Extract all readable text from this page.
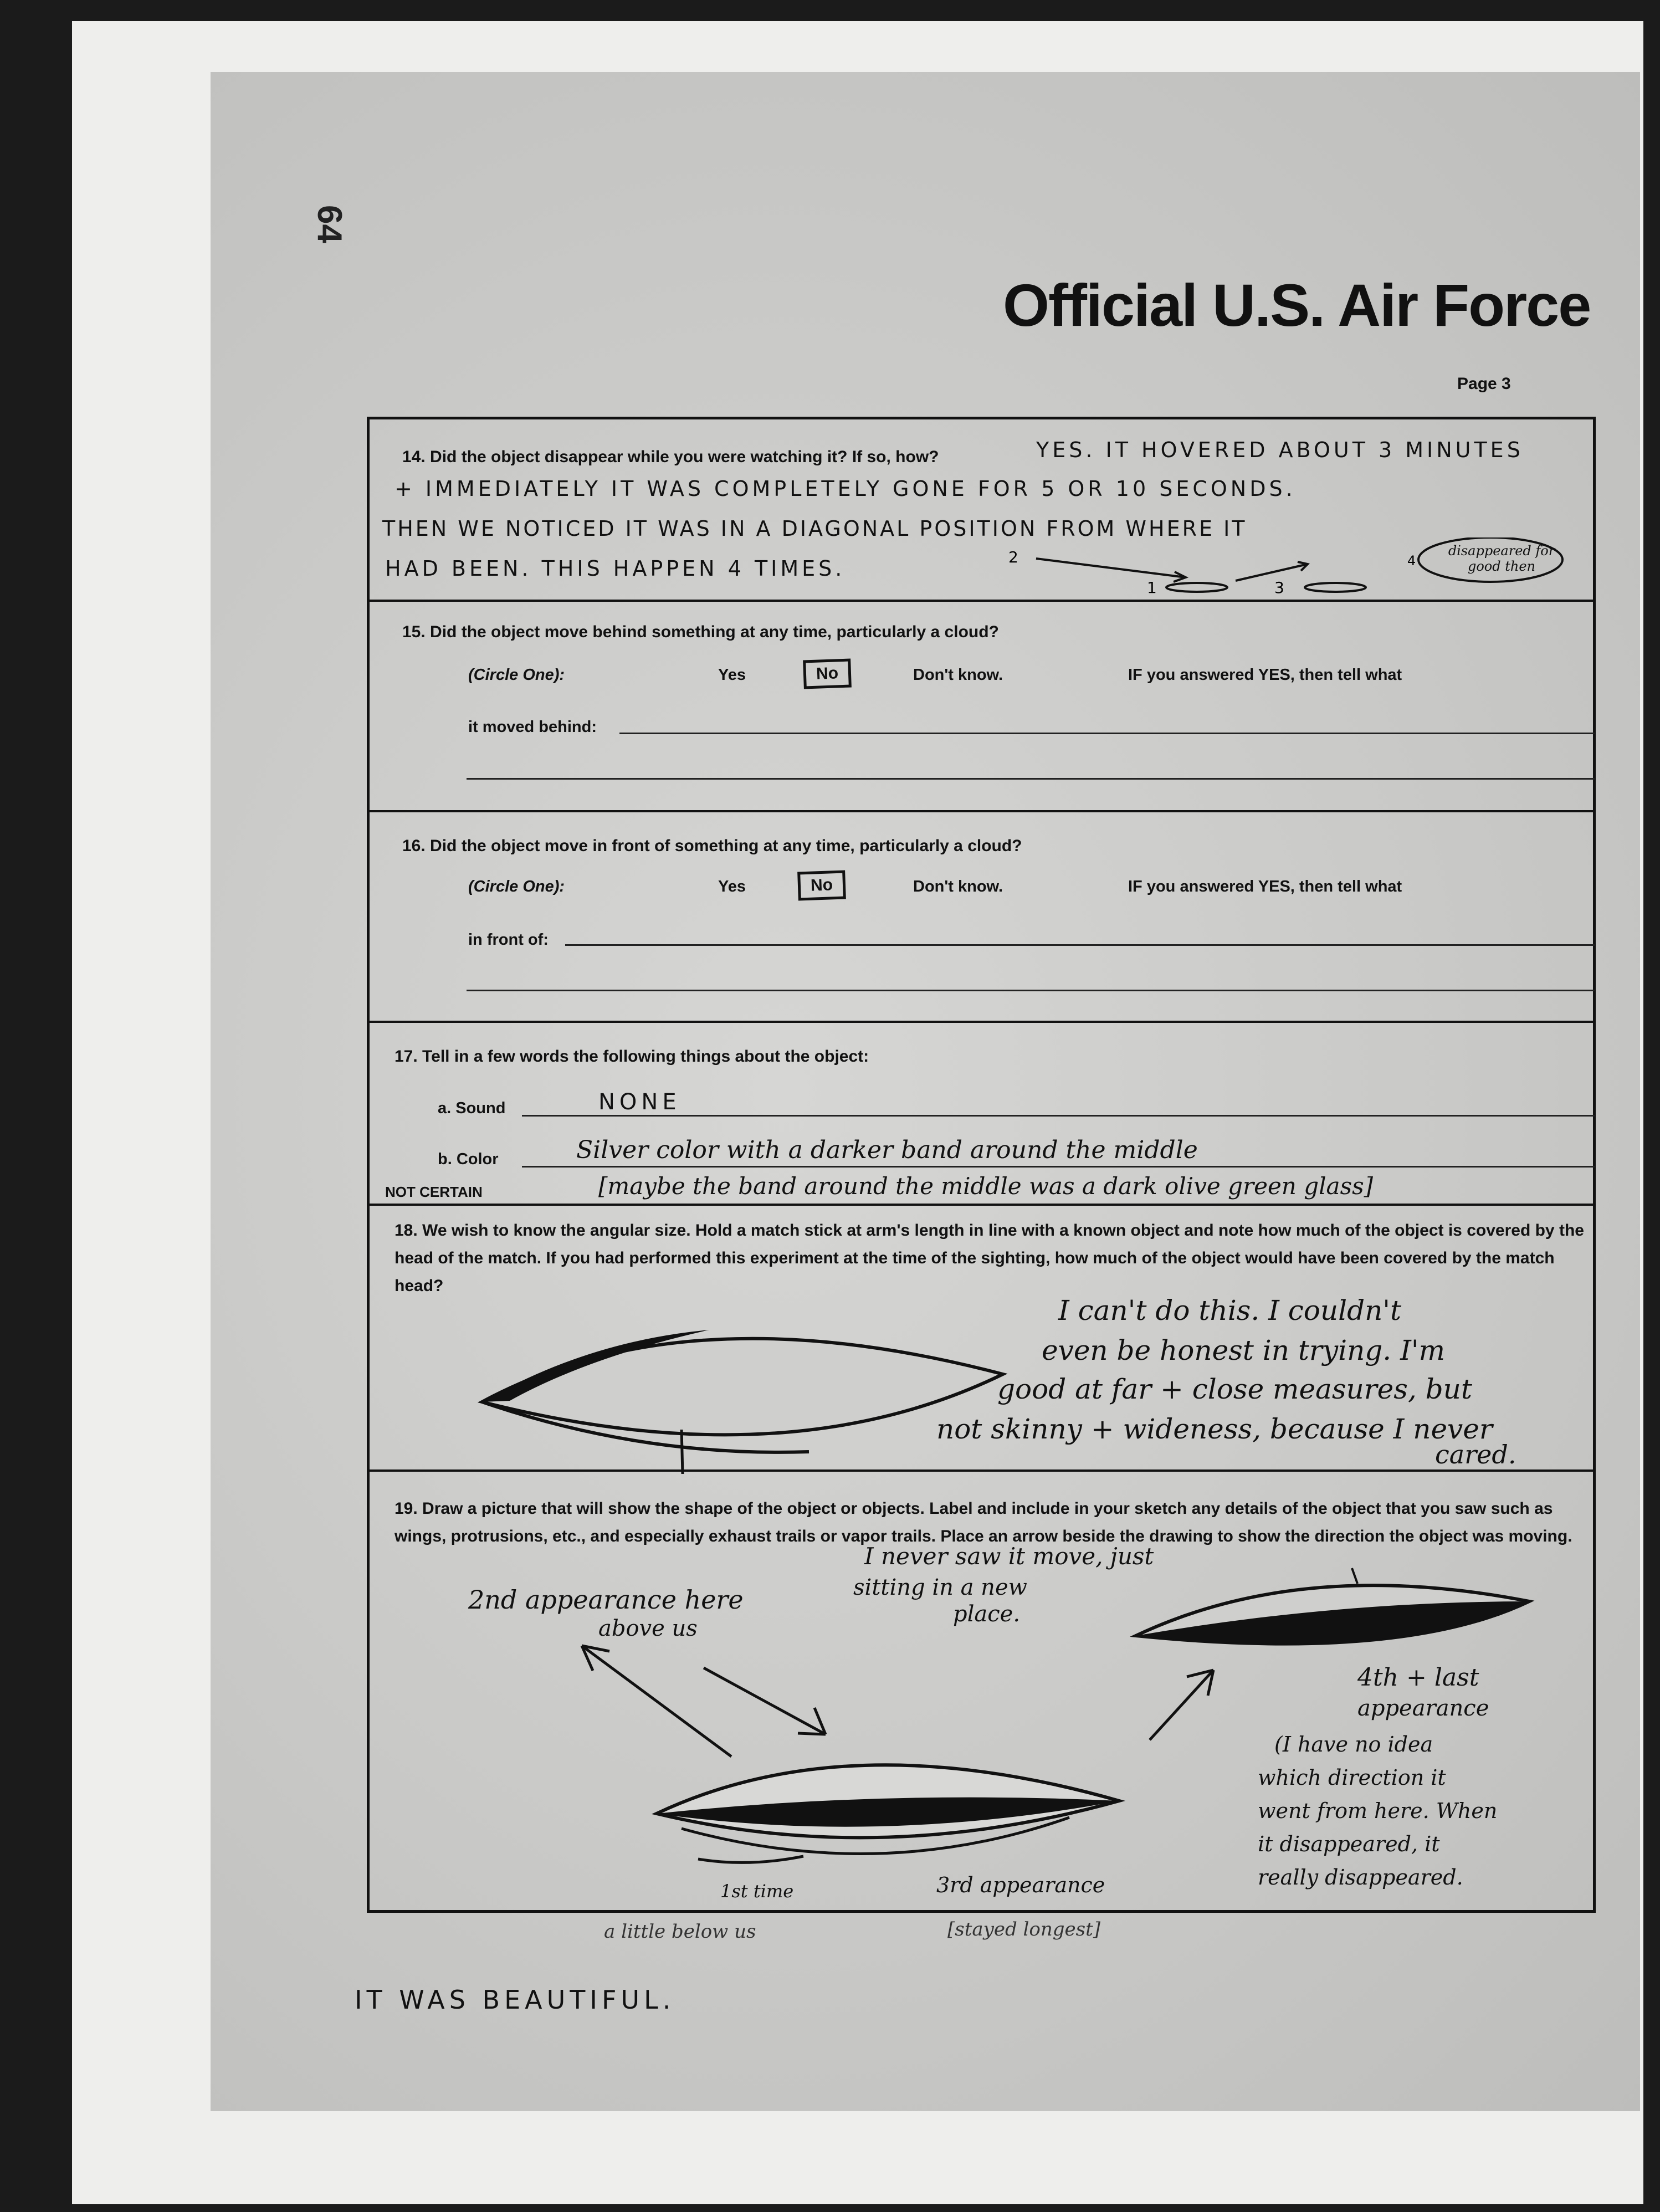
64
Official U.S. Air Force
Page 3
14. Did the object disappear while you were watching it? If so, how?	YES. IT HOVERED ABOUT 3 MINUTES
+ IMMEDIATELY IT WAS COMPLETELY GONE FOR 5 OR 10 SECONDS.
THEN WE NOTICED IT WAS IN A DIAGONAL POSITION FROM WHERE IT
HAD BEEN. THIS HAPPEN 4 TIMES.	2
1	3
4
disappeared for good then
15. Did the object move behind something at any time, particularly a cloud?
(Circle One):	Yes	No	Don't know.	IF you answered YES, then tell what
it moved behind:
16. Did the object move in front of something at any time, particularly a cloud?
(Circle One):	Yes	No	Don't know.	IF you answered YES, then tell what
in front of:
17. Tell in a few words the following things about the object:
a. Sound	NONE
b. Color	Silver color with a darker band around the middle
NOT CERTAIN	[maybe the band around the middle was a dark olive green glass]
18. We wish to know the angular size. Hold a match stick at arm's length in line with a known object and note how much of the object is covered by the head of the match. If you had performed this experiment at the time of the sighting, how much of the object would have been covered by the match head?
I can't do this. I couldn't
even be honest in trying. I'm
good at far + close measures, but
not skinny + wideness, because I never
cared.
19. Draw a picture that will show the shape of the object or objects. Label and include in your sketch any details of the object that you saw such as wings, protrusions, etc., and especially exhaust trails or vapor trails. Place an arrow beside the drawing to show the direction the object was moving.
I never saw it move, just
sitting in a new
place.
2nd appearance here
above us
4th + last
appearance
(I have no idea
which direction it
went from here. When
it disappeared, it
really disappeared.
1st time	3rd appearance
a little below us	[stayed longest]
IT WAS BEAUTIFUL.
